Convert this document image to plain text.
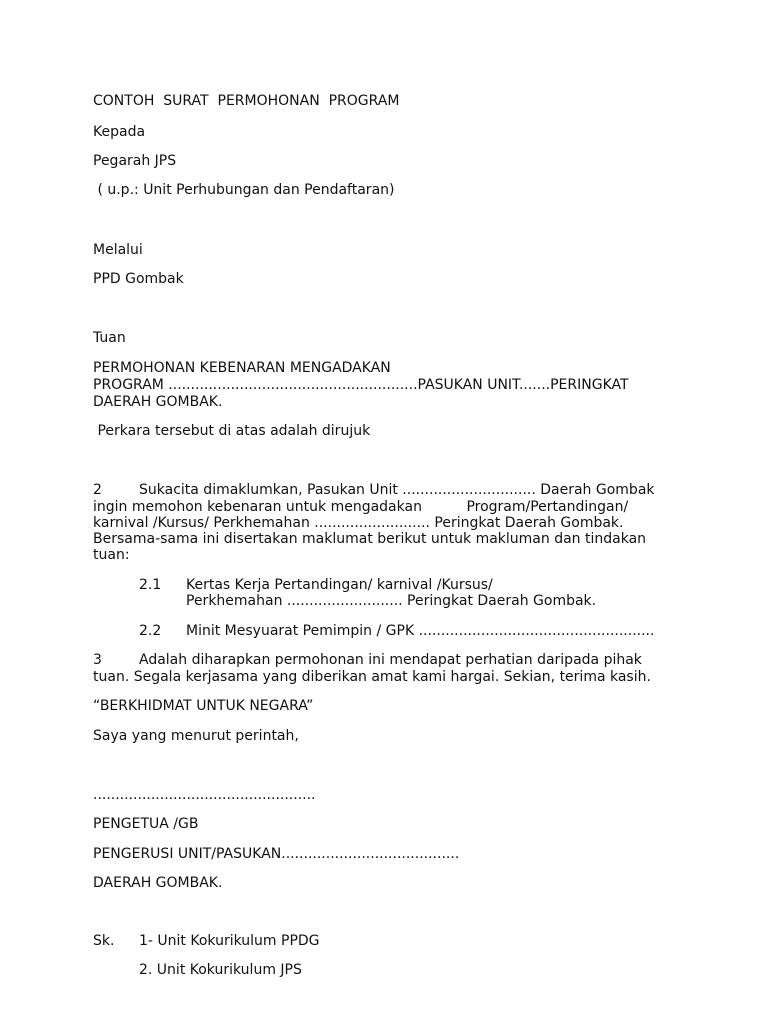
CONTOH  SURAT  PERMOHONAN  PROGRAM
Kepada
Pegarah JPS
( u.p.: Unit Perhubungan dan Pendaftaran)
Melalui
PPD Gombak
Tuan
PERMOHONAN KEBENARAN MENGADAKAN
PROGRAM ........................................................PASUKAN UNIT.......PERINGKAT
DAERAH GOMBAK.
Perkara tersebut di atas adalah dirujuk
2	Sukacita dimaklumkan, Pasukan Unit .............................. Daerah Gombak
ingin memohon kebenaran untuk mengadakan          Program/Pertandingan/
karnival /Kursus/ Perkhemahan .......................... Peringkat Daerah Gombak.
Bersama-sama ini disertakan maklumat berikut untuk makluman dan tindakan
tuan:
2.1 Kertas Kerja Pertandingan/ karnival /Kursus/
Perkhemahan .......................... Peringkat Daerah Gombak.
2.2 Minit Mesyuarat Pemimpin / GPK .....................................................
3	Adalah diharapkan permohonan ini mendapat perhatian daripada pihak
tuan. Segala kerjasama yang diberikan amat kami hargai. Sekian, terima kasih.
“BERKHIDMAT UNTUK NEGARA”
Saya yang menurut perintah,
..................................................
PENGETUA /GB
PENGERUSI UNIT/PASUKAN........................................
DAERAH GOMBAK.
Sk. 1- Unit Kokurikulum PPDG
2. Unit Kokurikulum JPS
